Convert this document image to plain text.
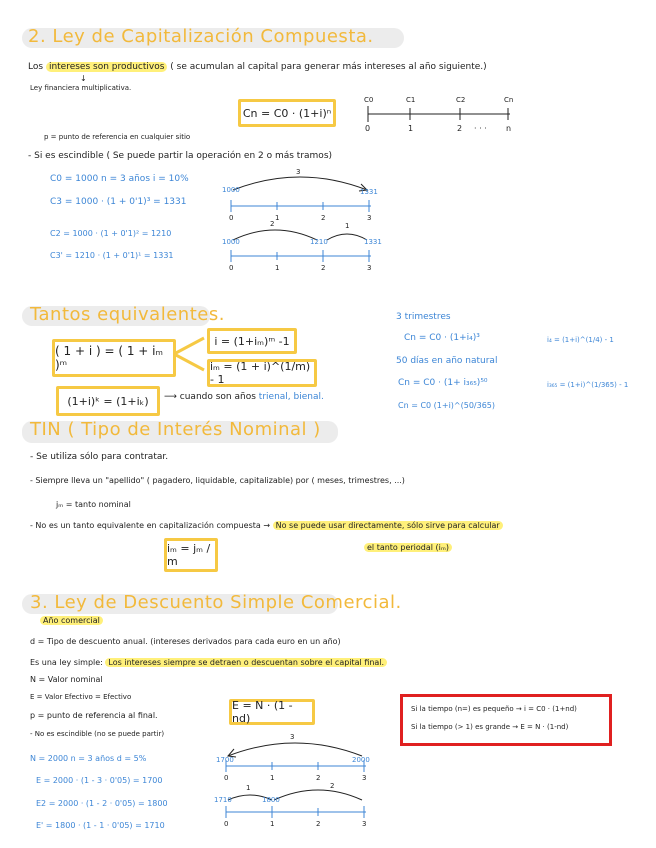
2. Ley de Capitalización Compuesta.
Los intereses son productivos ( se acumulan al capital para generar más intereses al año siguiente.)
Ley financiera multiplicativa.
↓
Cn = C0 · (1+i)ⁿ
C0	C1	C2	Cn
0	1	2 · · · n
p = punto de referencia en cualquier sitio
- Si es escindible ( Se puede partir la operación en 2 o más tramos)
C0 = 1000 n = 3 años i = 10%
C3 = 1000 · (1 + 0'1)³ = 1331
C2 = 1000 · (1 + 0'1)² = 1210
C3' = 1210 · (1 + 0'1)¹ = 1331
3
1000	1331
0	1	2	3
2	1
1000	1210	1331
0	1	2	3
Tantos equivalentes.
( 1 + i ) = ( 1 + iₘ )ᵐ
i = (1+iₘ)ᵐ -1
iₘ = (1 + i)^(1/m) - 1
(1+i)ᵏ = (1+iₖ) ⟶ cuando son años trienal, bienal.
3 trimestres
Cn = C0 · (1+i₄)³	i₄ = (1+i)^(1/4) - 1
50 días en año natural
Cn = C0 · (1+ i₃₆₅)⁵⁰	i₃₆₅ = (1+i)^(1/365) - 1
Cn = C0 (1+i)^(50/365)
TIN ( Tipo de Interés Nominal )
- Se utiliza sólo para contratar.
- Siempre lleva un "apellido" ( pagadero, liquidable, capitalizable) por ( meses, trimestres, ...)
jₘ = tanto nominal
- No es un tanto equivalente en capitalización compuesta → No se puede usar directamente, sólo sirve para calcular
el tanto periodal (iₘ)
iₘ = jₘ / m
3. Ley de Descuento Simple Comercial.
Año comercial
d = Tipo de descuento anual. (intereses derivados para cada euro en un año)
Es una ley simple: Los intereses siempre se detraen o descuentan sobre el capital final.
N = Valor nominal
E = Valor Efectivo = Efectivo
p = punto de referencia al final.
E = N · (1 - nd)
- No es escindible (no se puede partir)
N = 2000 n = 3 años d = 5%
E = 2000 · (1 - 3 · 0'05) = 1700
E2 = 2000 · (1 - 2 · 0'05) = 1800
E' = 1800 · (1 - 1 · 0'05) = 1710
Si la tiempo (n=) es pequeño → i = C0 · (1+nd)
Si la tiempo (> 1) es grande → E = N · (1-nd)
3
1700	2000
0	1	2	3
1	2
1710	1800
0	1	2	3
